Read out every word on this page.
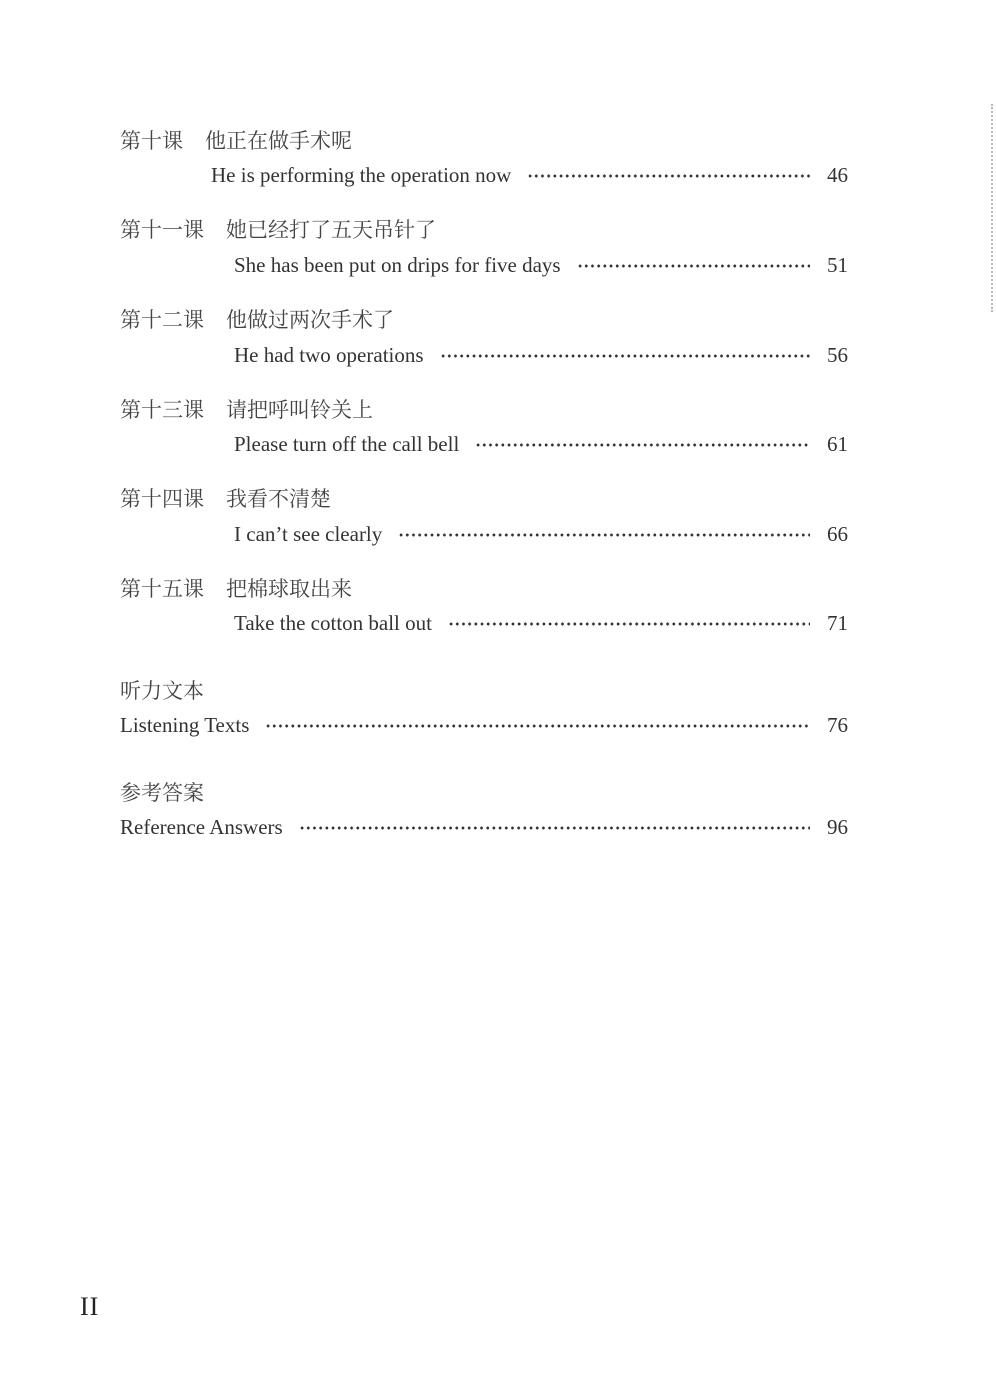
第十课 他正在做手术呢
He is performing the operation now	46
第十一课 她已经打了五天吊针了
She has been put on drips for five days	51
第十二课 他做过两次手术了
He had two operations	56
第十三课 请把呼叫铃关上
Please turn off the call bell	61
第十四课 我看不清楚
I can’t see clearly	66
第十五课 把棉球取出来
Take the cotton ball out	71
听力文本
Listening Texts	76
参考答案
Reference Answers	96
II
